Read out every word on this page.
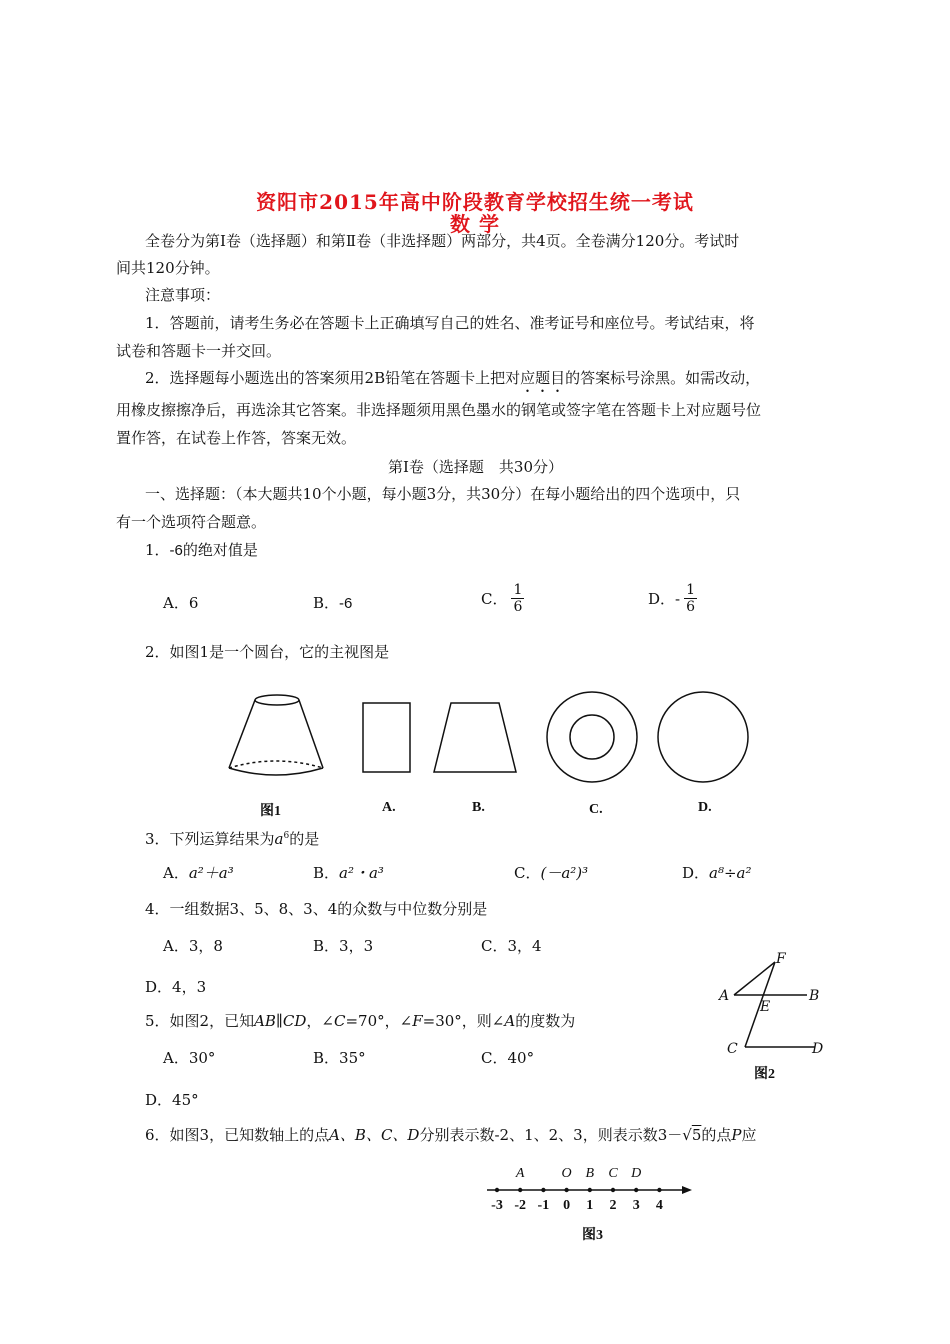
资阳市2015年高中阶段教育学校招生统一考试
数 学
全卷分为第Ⅰ卷（选择题）和第Ⅱ卷（非选择题）两部分，共4页。全卷满分120分。考试时
间共120分钟。
注意事项：
1．答题前，请考生务必在答题卡上正确填写自己的姓名、准考证号和座位号。考试结束，将
试卷和答题卡一并交回。
2．选择题每小题选出的答案须用2B铅笔在答题卡上把对应题目的答案标号涂黑。如需改动，
用橡皮擦擦净后，再选涂其它答案。非选择题须用黑色墨水的钢笔或签字笔在答题卡上对应题号位
置作答，在试卷上作答，答案无效。
第Ⅰ卷（选择题　共30分）
一、选择题：（本大题共10个小题，每小题3分，共30分）在每小题给出的四个选项中，只
有一个选项符合题意。
1．-6的绝对值是
A．6	B．-6	C． $\frac{1}{6}$	D． - $\frac{1}{6}$
2．如图1是一个圆台，它的主视图是
图1	A.	B.	C.	D.
3．下列运算结果为$a^6$的是
A．a²＋a³	B．a²・a³	C．(－a²)³	D．a⁸÷a²
4．一组数据3、5、8、3、4的众数与中位数分别是
A．3，8	B．3，3	C．3，4
D．4，3
5．如图2，已知AB∥CD，∠C=70°，∠F=30°，则∠A的度数为
A．30°	B．35°	C．40°
D．45°
F
A
E
B
C	D
图2
6．如图3，已知数轴上的点A、B、C、D分别表示数-2、1、2、3，则表示数3－√5的点P应
-3 -2 -1 0	1	2	3	4
A	O B	C D
图3
